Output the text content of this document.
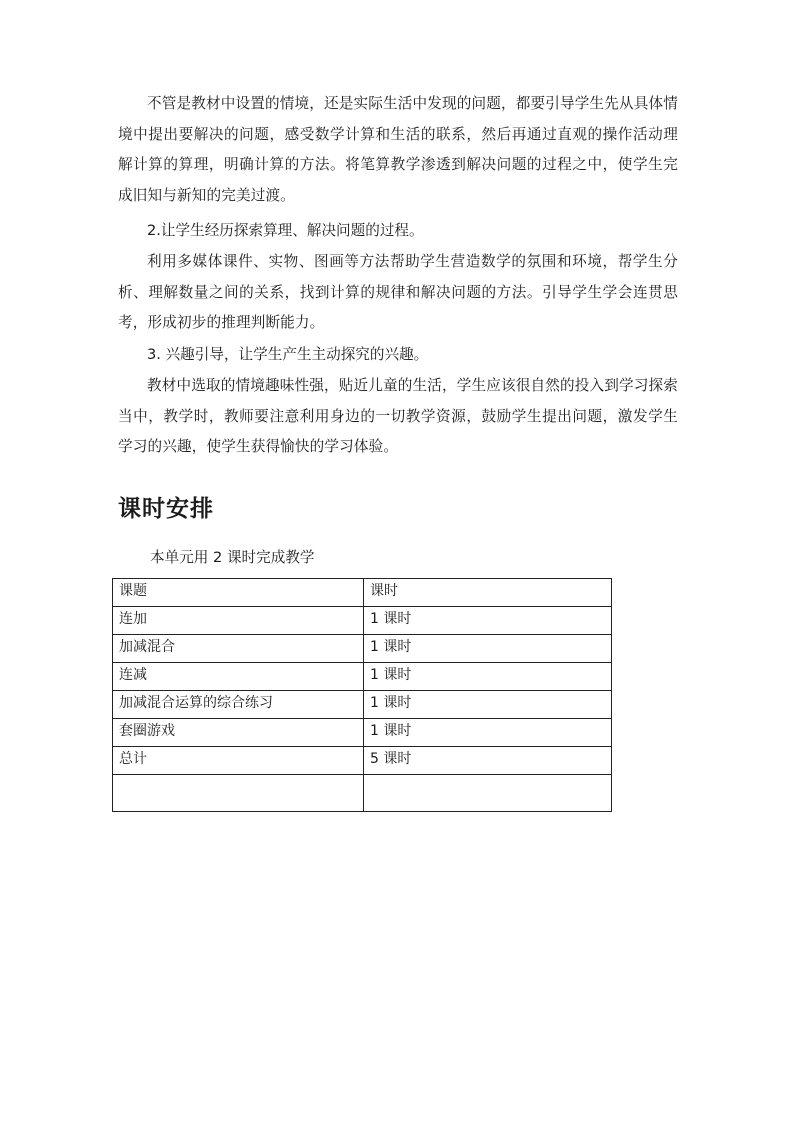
不管是教材中设置的情境，还是实际生活中发现的问题，都要引导学生先从具体情境中提出要解决的问题，感受数学计算和生活的联系，然后再通过直观的操作活动理解计算的算理，明确计算的方法。将笔算教学渗透到解决问题的过程之中，使学生完成旧知与新知的完美过渡。

2.让学生经历探索算理、解决问题的过程。

利用多媒体课件、实物、图画等方法帮助学生营造数学的氛围和环境，帮学生分析、理解数量之间的关系，找到计算的规律和解决问题的方法。引导学生学会连贯思考，形成初步的推理判断能力。

3. 兴趣引导，让学生产生主动探究的兴趣。

教材中选取的情境趣味性强，贴近儿童的生活，学生应该很自然的投入到学习探索当中，教学时，教师要注意利用身边的一切教学资源，鼓励学生提出问题，激发学生学习的兴趣，使学生获得愉快的学习体验。

课时安排

本单元用 2 课时完成教学

课题	课时
连加	1 课时
加减混合	1 课时
连减	1 课时
加减混合运算的综合练习	1 课时
套圈游戏	1 课时
总计	5 课时
